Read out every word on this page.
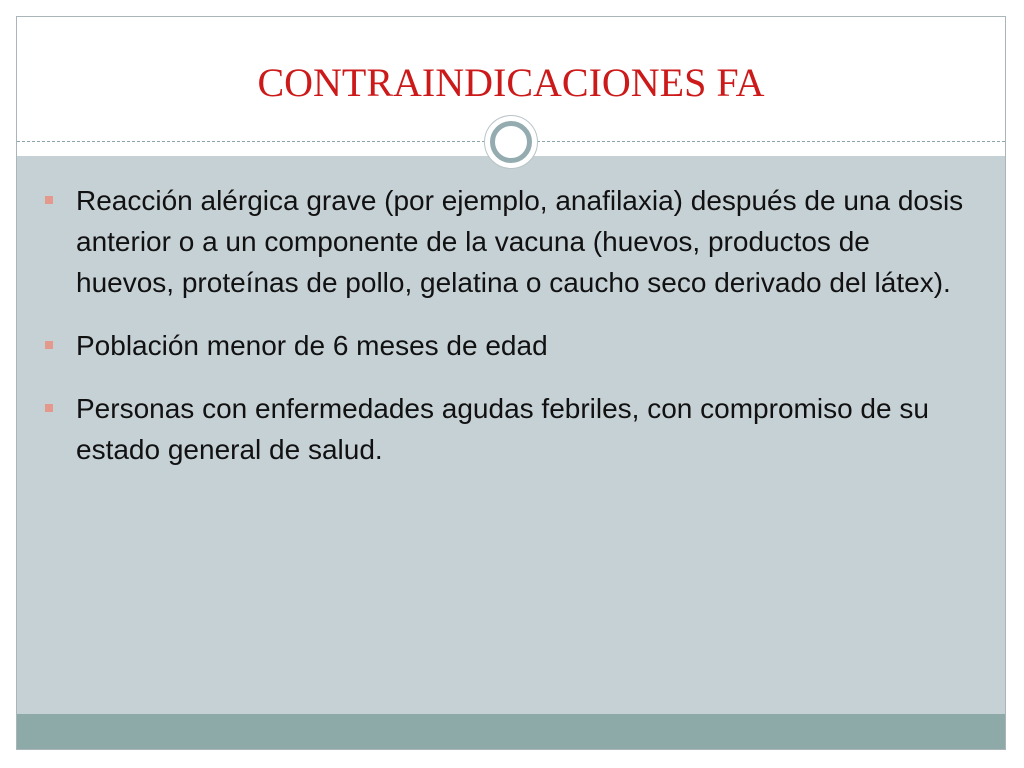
CONTRAINDICACIONES FA
Reacción alérgica grave (por ejemplo, anafilaxia) después de una dosis anterior o a un componente de la vacuna (huevos, productos de huevos, proteínas de pollo, gelatina o caucho seco derivado del látex).
Población menor de 6 meses de edad
Personas con enfermedades agudas febriles, con compromiso de su estado general de salud.
